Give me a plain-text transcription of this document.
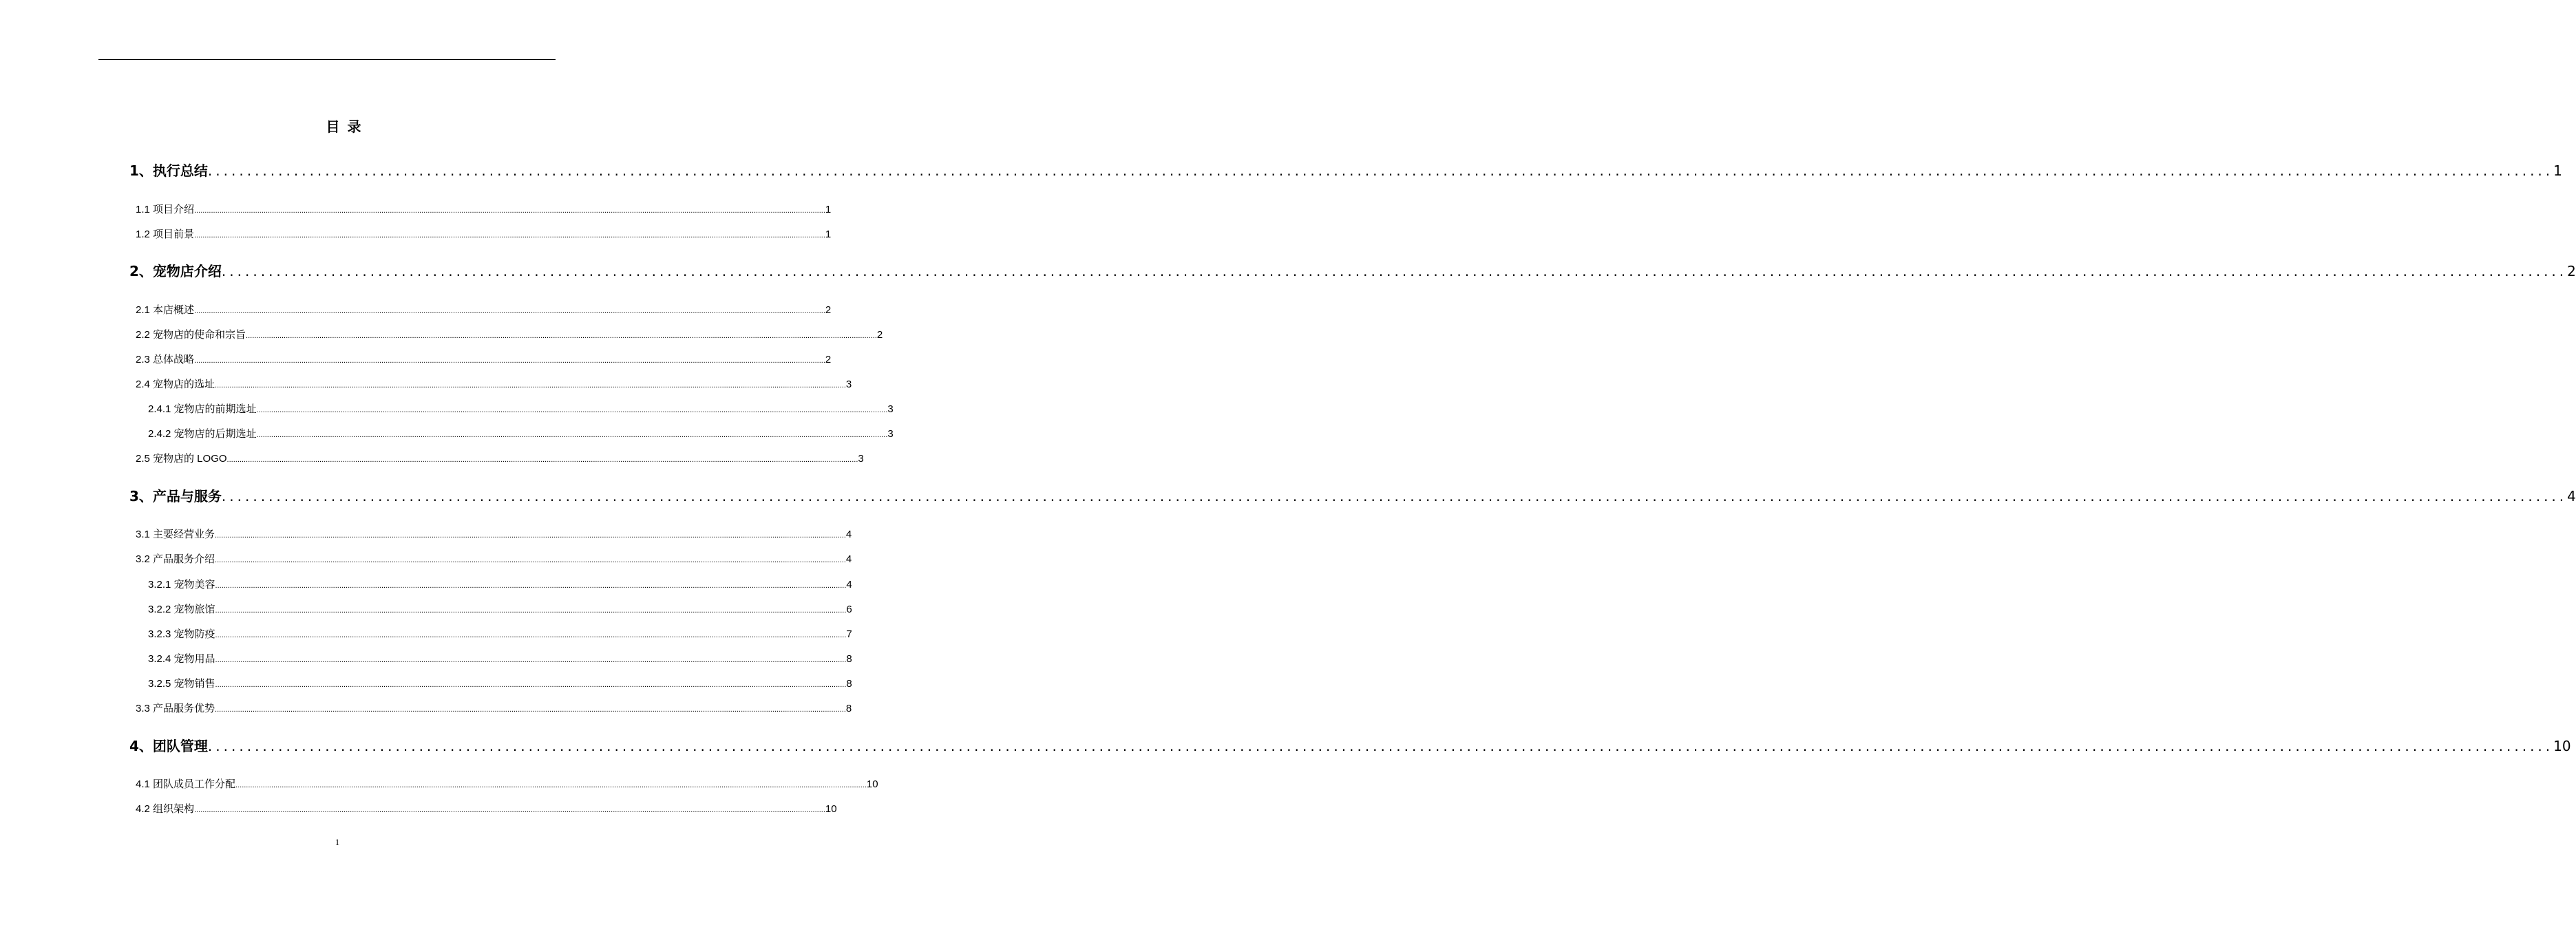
目 录
1、执行总结 ............................................................................................................................................................................................................................................................................................................ 1
1.1 项目介绍 ............................................................................................................................................................................................................................................................................................................ 1
1.2 项目前景 ............................................................................................................................................................................................................................................................................................................ 1
2、宠物店介绍 ............................................................................................................................................................................................................................................................................................................ 2
2.1 本店概述 ............................................................................................................................................................................................................................................................................................................ 2
2.2 宠物店的使命和宗旨 ............................................................................................................................................................................................................................................................................................................ 2
2.3 总体战略 ............................................................................................................................................................................................................................................................................................................ 2
2.4 宠物店的选址 ............................................................................................................................................................................................................................................................................................................ 3
2.4.1 宠物店的前期选址 ............................................................................................................................................................................................................................................................................................................ 3
2.4.2 宠物店的后期选址 ............................................................................................................................................................................................................................................................................................................ 3
2.5 宠物店的 LOGO ............................................................................................................................................................................................................................................................................................................ 3
3、产品与服务 ............................................................................................................................................................................................................................................................................................................ 4
3.1 主要经营业务 ............................................................................................................................................................................................................................................................................................................ 4
3.2 产品服务介绍 ............................................................................................................................................................................................................................................................................................................ 4
3.2.1 宠物美容 ............................................................................................................................................................................................................................................................................................................ 4
3.2.2 宠物旅馆 ............................................................................................................................................................................................................................................................................................................ 6
3.2.3 宠物防疫 ............................................................................................................................................................................................................................................................................................................ 7
3.2.4 宠物用品 ............................................................................................................................................................................................................................................................................................................ 8
3.2.5 宠物销售 ............................................................................................................................................................................................................................................................................................................ 8
3.3 产品服务优势 ............................................................................................................................................................................................................................................................................................................ 8
4、团队管理 ............................................................................................................................................................................................................................................................................................................ 10
4.1 团队成员工作分配 ............................................................................................................................................................................................................................................................................................................ 10
4.2 组织架构 ............................................................................................................................................................................................................................................................................................................ 10
1
